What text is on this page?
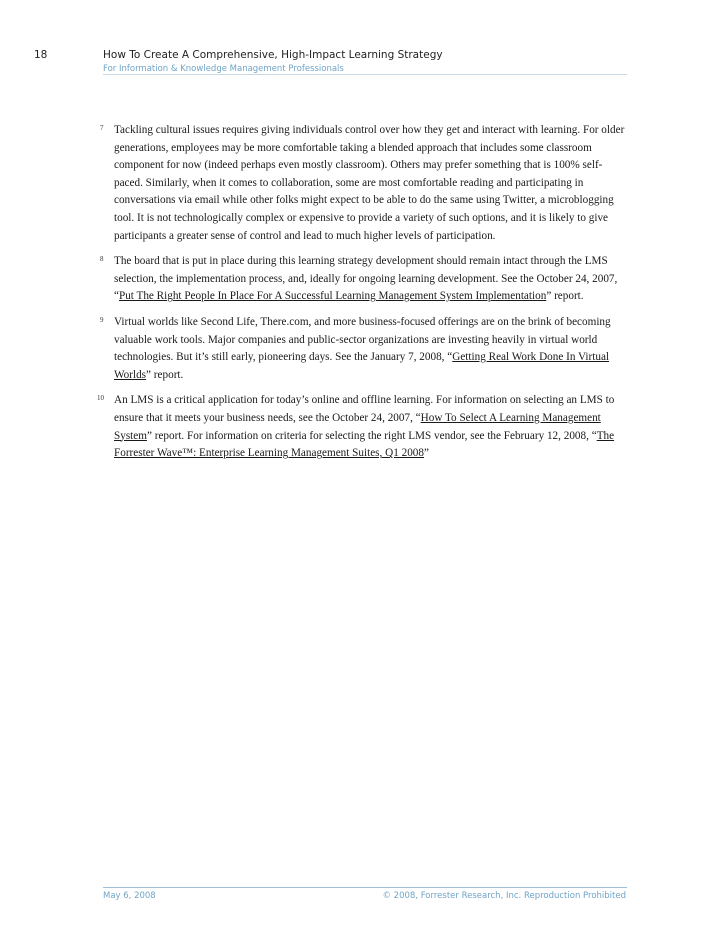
18	How To Create A Comprehensive, High-Impact Learning Strategy
For Information & Knowledge Management Professionals
7 Tackling cultural issues requires giving individuals control over how they get and interact with learning. For older generations, employees may be more comfortable taking a blended approach that includes some classroom component for now (indeed perhaps even mostly classroom). Others may prefer something that is 100% self-paced. Similarly, when it comes to collaboration, some are most comfortable reading and participating in conversations via email while other folks might expect to be able to do the same using Twitter, a microblogging tool. It is not technologically complex or expensive to provide a variety of such options, and it is likely to give participants a greater sense of control and lead to much higher levels of participation.
8 The board that is put in place during this learning strategy development should remain intact through the LMS selection, the implementation process, and, ideally for ongoing learning development. See the October 24, 2007, “Put The Right People In Place For A Successful Learning Management System Implementation” report.
9 Virtual worlds like Second Life, There.com, and more business-focused offerings are on the brink of becoming valuable work tools. Major companies and public-sector organizations are investing heavily in virtual world technologies. But it’s still early, pioneering days. See the January 7, 2008, “Getting Real Work Done In Virtual Worlds” report.
10 An LMS is a critical application for today’s online and offline learning. For information on selecting an LMS to ensure that it meets your business needs, see the October 24, 2007, “How To Select A Learning Management System” report. For information on criteria for selecting the right LMS vendor, see the February 12, 2008, “The Forrester Wave™: Enterprise Learning Management Suites, Q1 2008”
May 6, 2008	© 2008, Forrester Research, Inc. Reproduction Prohibited
